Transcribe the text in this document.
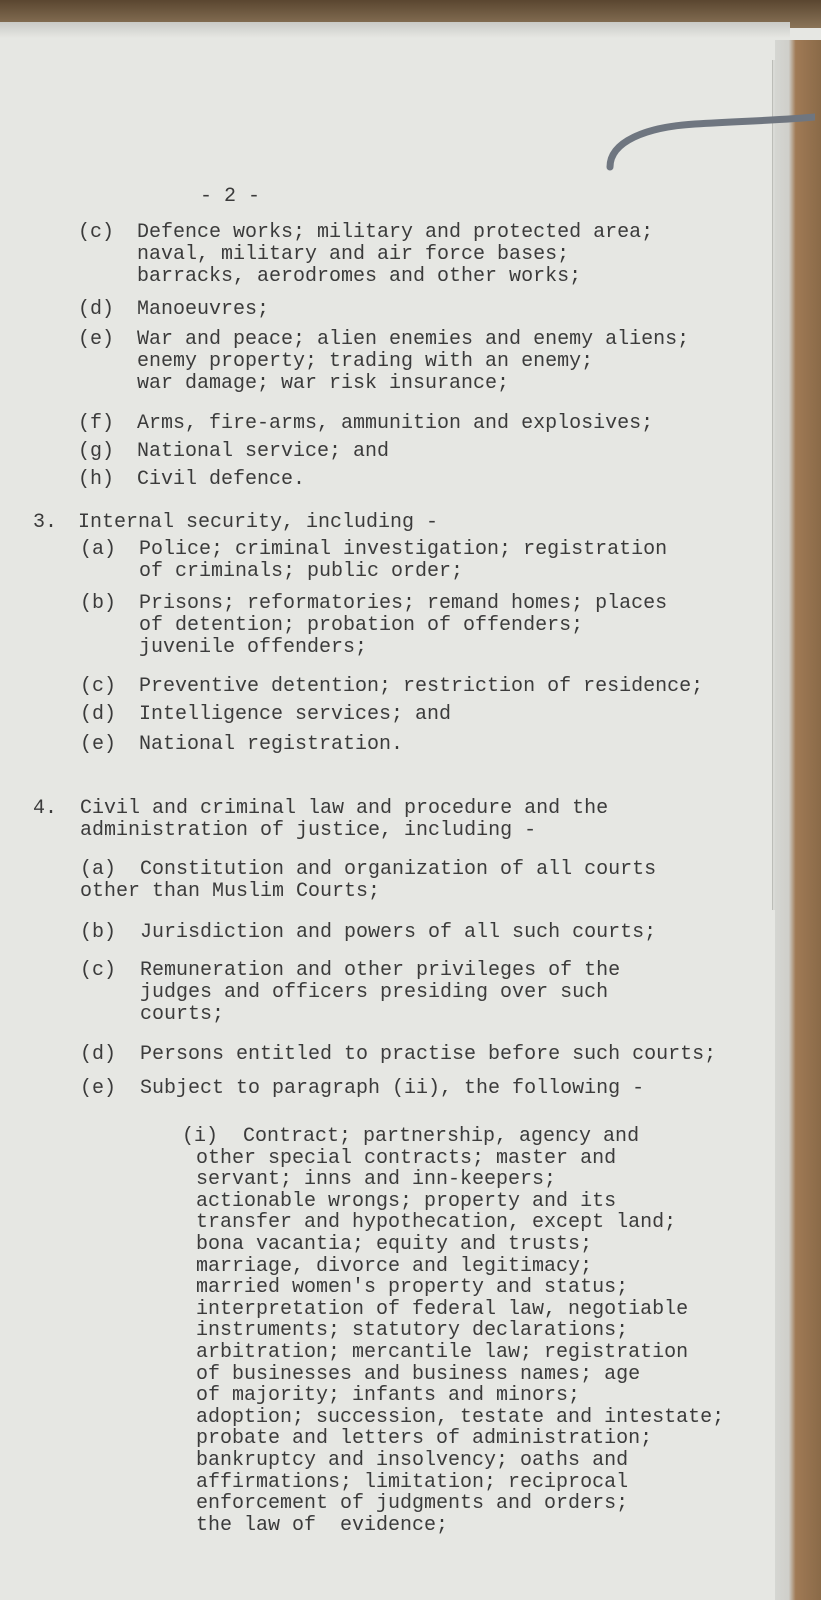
- 2 -
(c) Defence works; military and protected area;
naval, military and air force bases;
barracks, aerodromes and other works;
(d) Manoeuvres;
(e) War and peace; alien enemies and enemy aliens;
enemy property; trading with an enemy;
war damage; war risk insurance;
(f) Arms, fire-arms, ammunition and explosives;
(g) National service; and
(h) Civil defence.
3. Internal security, including -
(a) Police; criminal investigation; registration
of criminals; public order;
(b) Prisons; reformatories; remand homes; places
of detention; probation of offenders;
juvenile offenders;
(c) Preventive detention; restriction of residence;
(d) Intelligence services; and
(e) National registration.
4. Civil and criminal law and procedure and the
administration of justice, including -
(a) Constitution and organization of all courts
other than Muslim Courts;
(b) Jurisdiction and powers of all such courts;
(c) Remuneration and other privileges of the
judges and officers presiding over such
courts;
(d) Persons entitled to practise before such courts;
(e) Subject to paragraph (ii), the following -
(i) Contract; partnership, agency and
other special contracts; master and
servant; inns and inn-keepers;
actionable wrongs; property and its
transfer and hypothecation, except land;
bona vacantia; equity and trusts;
marriage, divorce and legitimacy;
married women's property and status;
interpretation of federal law, negotiable
instruments; statutory declarations;
arbitration; mercantile law; registration
of businesses and business names; age
of majority; infants and minors;
adoption; succession, testate and intestate;
probate and letters of administration;
bankruptcy and insolvency; oaths and
affirmations; limitation; reciprocal
enforcement of judgments and orders;
the law of  evidence;
